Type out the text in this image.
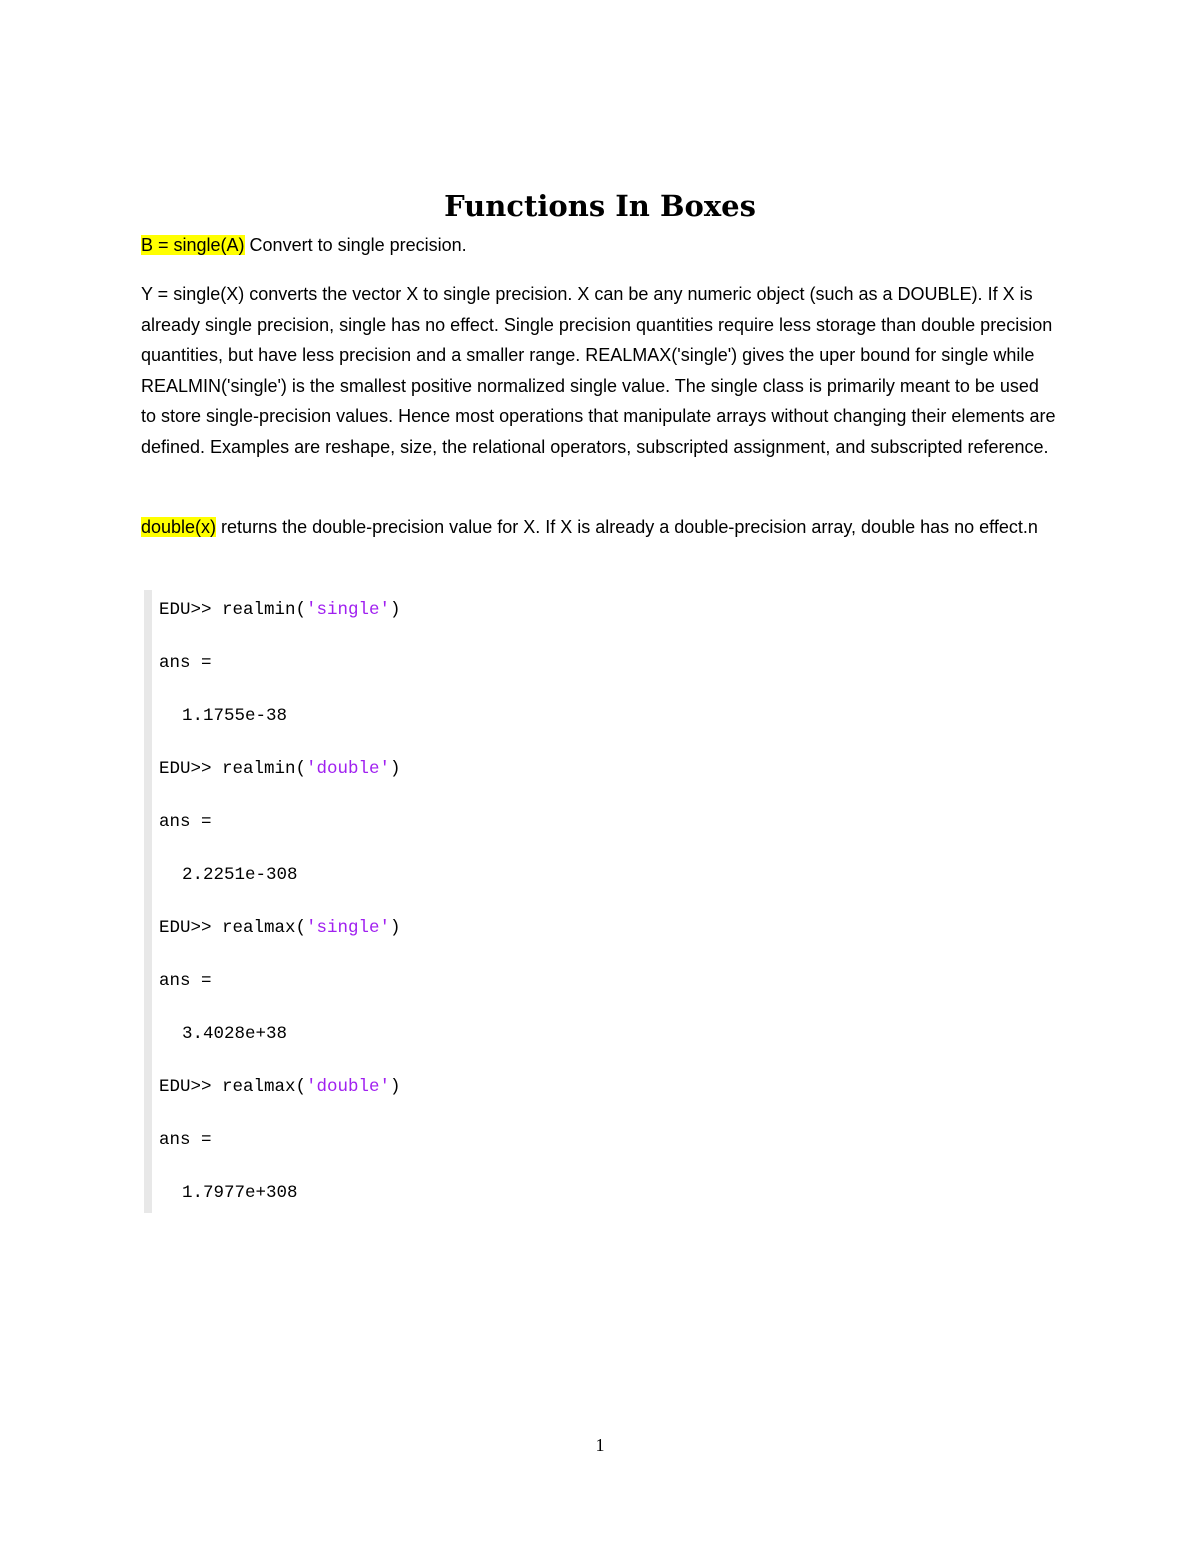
Functions In Boxes

B = single(A) Convert to single precision.

Y = single(X) converts the vector X to single precision. X can be any numeric object (such as a DOUBLE). If X is already single precision, single has no effect. Single precision quantities require less storage than double precision quantities, but have less precision and a smaller range. REALMAX('single') gives the uper bound for single while REALMIN('single') is the smallest positive normalized single value. The single class is primarily meant to be used to store single-precision values. Hence most operations that manipulate arrays without changing their elements are defined. Examples are reshape, size, the relational operators, subscripted assignment, and subscripted reference.

double(x) returns the double-precision value for X. If X is already a double-precision array, double has no effect.n

EDU>> realmin('single')
ans =
1.1755e-38
EDU>> realmin('double')
ans =
2.2251e-308
EDU>> realmax('single')
ans =
3.4028e+38
EDU>> realmax('double')
ans =
1.7977e+308
1
